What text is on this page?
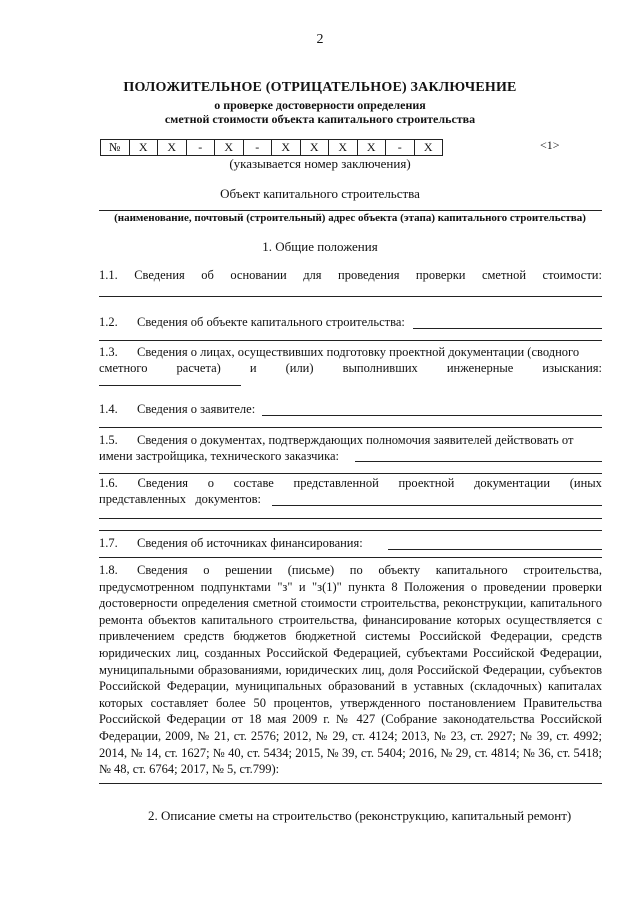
2
ПОЛОЖИТЕЛЬНОЕ (ОТРИЦАТЕЛЬНОЕ) ЗАКЛЮЧЕНИЕ
о проверке достоверности определения
сметной стоимости объекта капитального строительства
№	X	X	-	X	-	X	X	X	X	-	X	<1>
(указывается номер заключения)
Объект капитального строительства
(наименование, почтовый (строительный) адрес объекта (этапа) капитального строительства)
1. Общие положения
1.1. Сведения об основании для проведения проверки сметной стоимости:
1.2. Сведения об объекте капитального строительства:
1.3. Сведения о лицах, осуществивших подготовку проектной документации (сводного
сметного расчета) и (или) выполнивших инженерные изыскания:
1.4. Сведения о заявителе:
1.5. Сведения о документах, подтверждающих полномочия заявителей действовать от
имени застройщика, технического заказчика:
1.6. Сведения о составе представленной проектной документации (иных
представленных   документов:
1.7. Сведения об источниках финансирования:
1.8. Сведения о решении (письме) по объекту капитального строительства, предусмотренном подпунктами "з" и "з(1)" пункта 8 Положения о проведении проверки достоверности определения сметной стоимости строительства, реконструкции, капитального ремонта объектов капитального строительства, финансирование которых осуществляется с привлечением средств бюджетов бюджетной системы Российской Федерации, средств юридических лиц, созданных Российской Федерацией, субъектами Российской Федерации, муниципальными образованиями, юридических лиц, доля Российской Федерации, субъектов Российской Федерации, муниципальных образований в уставных (складочных) капиталах которых составляет более 50 процентов, утвержденного постановлением Правительства Российской Федерации от 18 мая 2009 г. № 427 (Собрание законодательства Российской Федерации, 2009, № 21, ст. 2576; 2012, № 29, ст. 4124; 2013, № 23, ст. 2927; № 39, ст. 4992; 2014, № 14, ст. 1627; № 40, ст. 5434; 2015, № 39, ст. 5404; 2016, № 29, ст. 4814; № 36, ст. 5418; № 48, ст. 6764; 2017, № 5, ст.799):
2. Описание сметы на строительство (реконструкцию, капитальный ремонт)
